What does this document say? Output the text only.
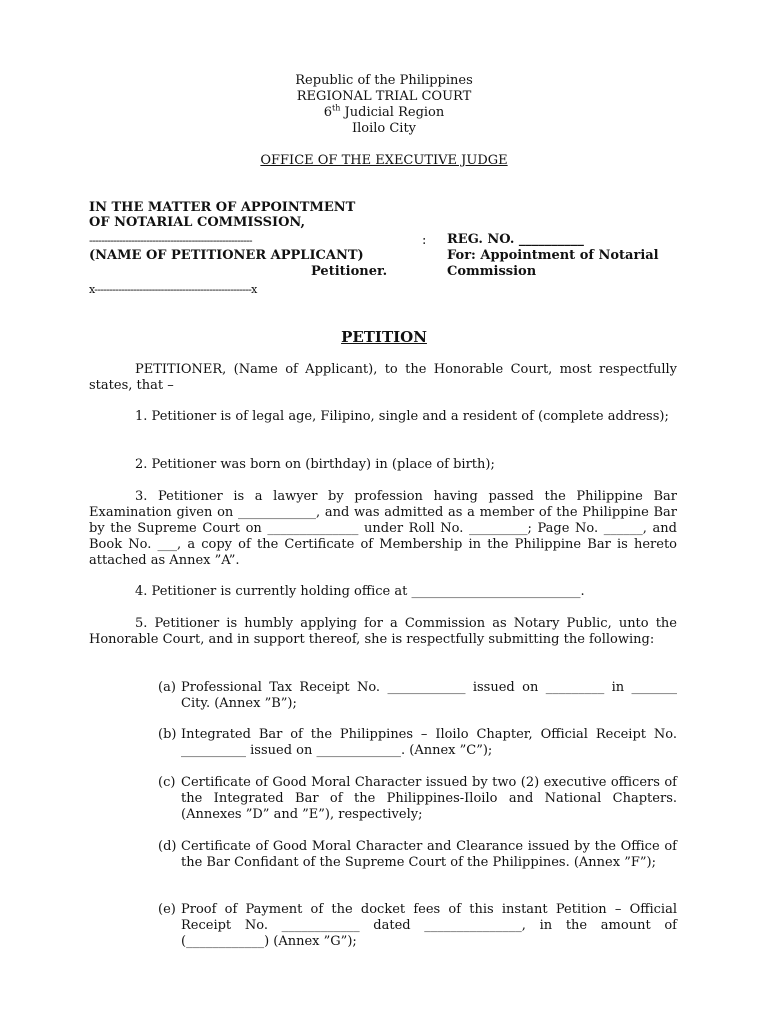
Republic of the Philippines
REGIONAL TRIAL COURT
6th Judicial Region
Iloilo City
OFFICE OF THE EXECUTIVE JUDGE
IN THE MATTER OF APPOINTMENT
OF NOTARIAL COMMISSION,
------------------------------------------------------	:
(NAME OF PETITIONER APPLICANT)
Petitioner.
x----------------------------------------------------x
REG. NO. __________
For: Appointment of Notarial
Commission
PETITION
PETITIONER, (Name of Applicant), to the Honorable Court, most respectfully states, that –
1. Petitioner is of legal age, Filipino, single and a resident of (complete address);
2. Petitioner was born on (birthday) in (place of birth);
3. Petitioner is a lawyer by profession having passed the Philippine Bar Examination given on ____________, and was admitted as a member of the Philippine Bar by the Supreme Court on ______________ under Roll No. _________; Page No. ______, and Book No. ___, a copy of the Certificate of Membership in the Philippine Bar is hereto attached as Annex ”A”.
4. Petitioner is currently holding office at __________________________.
5. Petitioner is humbly applying for a Commission as Notary Public, unto the Honorable Court, and in support thereof, she is respectfully submitting the following:
(a) Professional Tax Receipt No. ____________ issued on _________ in _______ City. (Annex ”B”);
(b) Integrated Bar of the Philippines – Iloilo Chapter, Official Receipt No. __________ issued on _____________. (Annex ”C”);
(c) Certificate of Good Moral Character issued by two (2) executive officers of the Integrated Bar of the Philippines-Iloilo and National Chapters. (Annexes ”D” and ”E”), respectively;
(d) Certificate of Good Moral Character and Clearance issued by the Office of the Bar Confidant of the Supreme Court of the Philippines. (Annex ”F”);
(e) Proof of Payment of the docket fees of this instant Petition – Official Receipt No. ____________ dated _______________, in the amount of (____________) (Annex ”G”);
